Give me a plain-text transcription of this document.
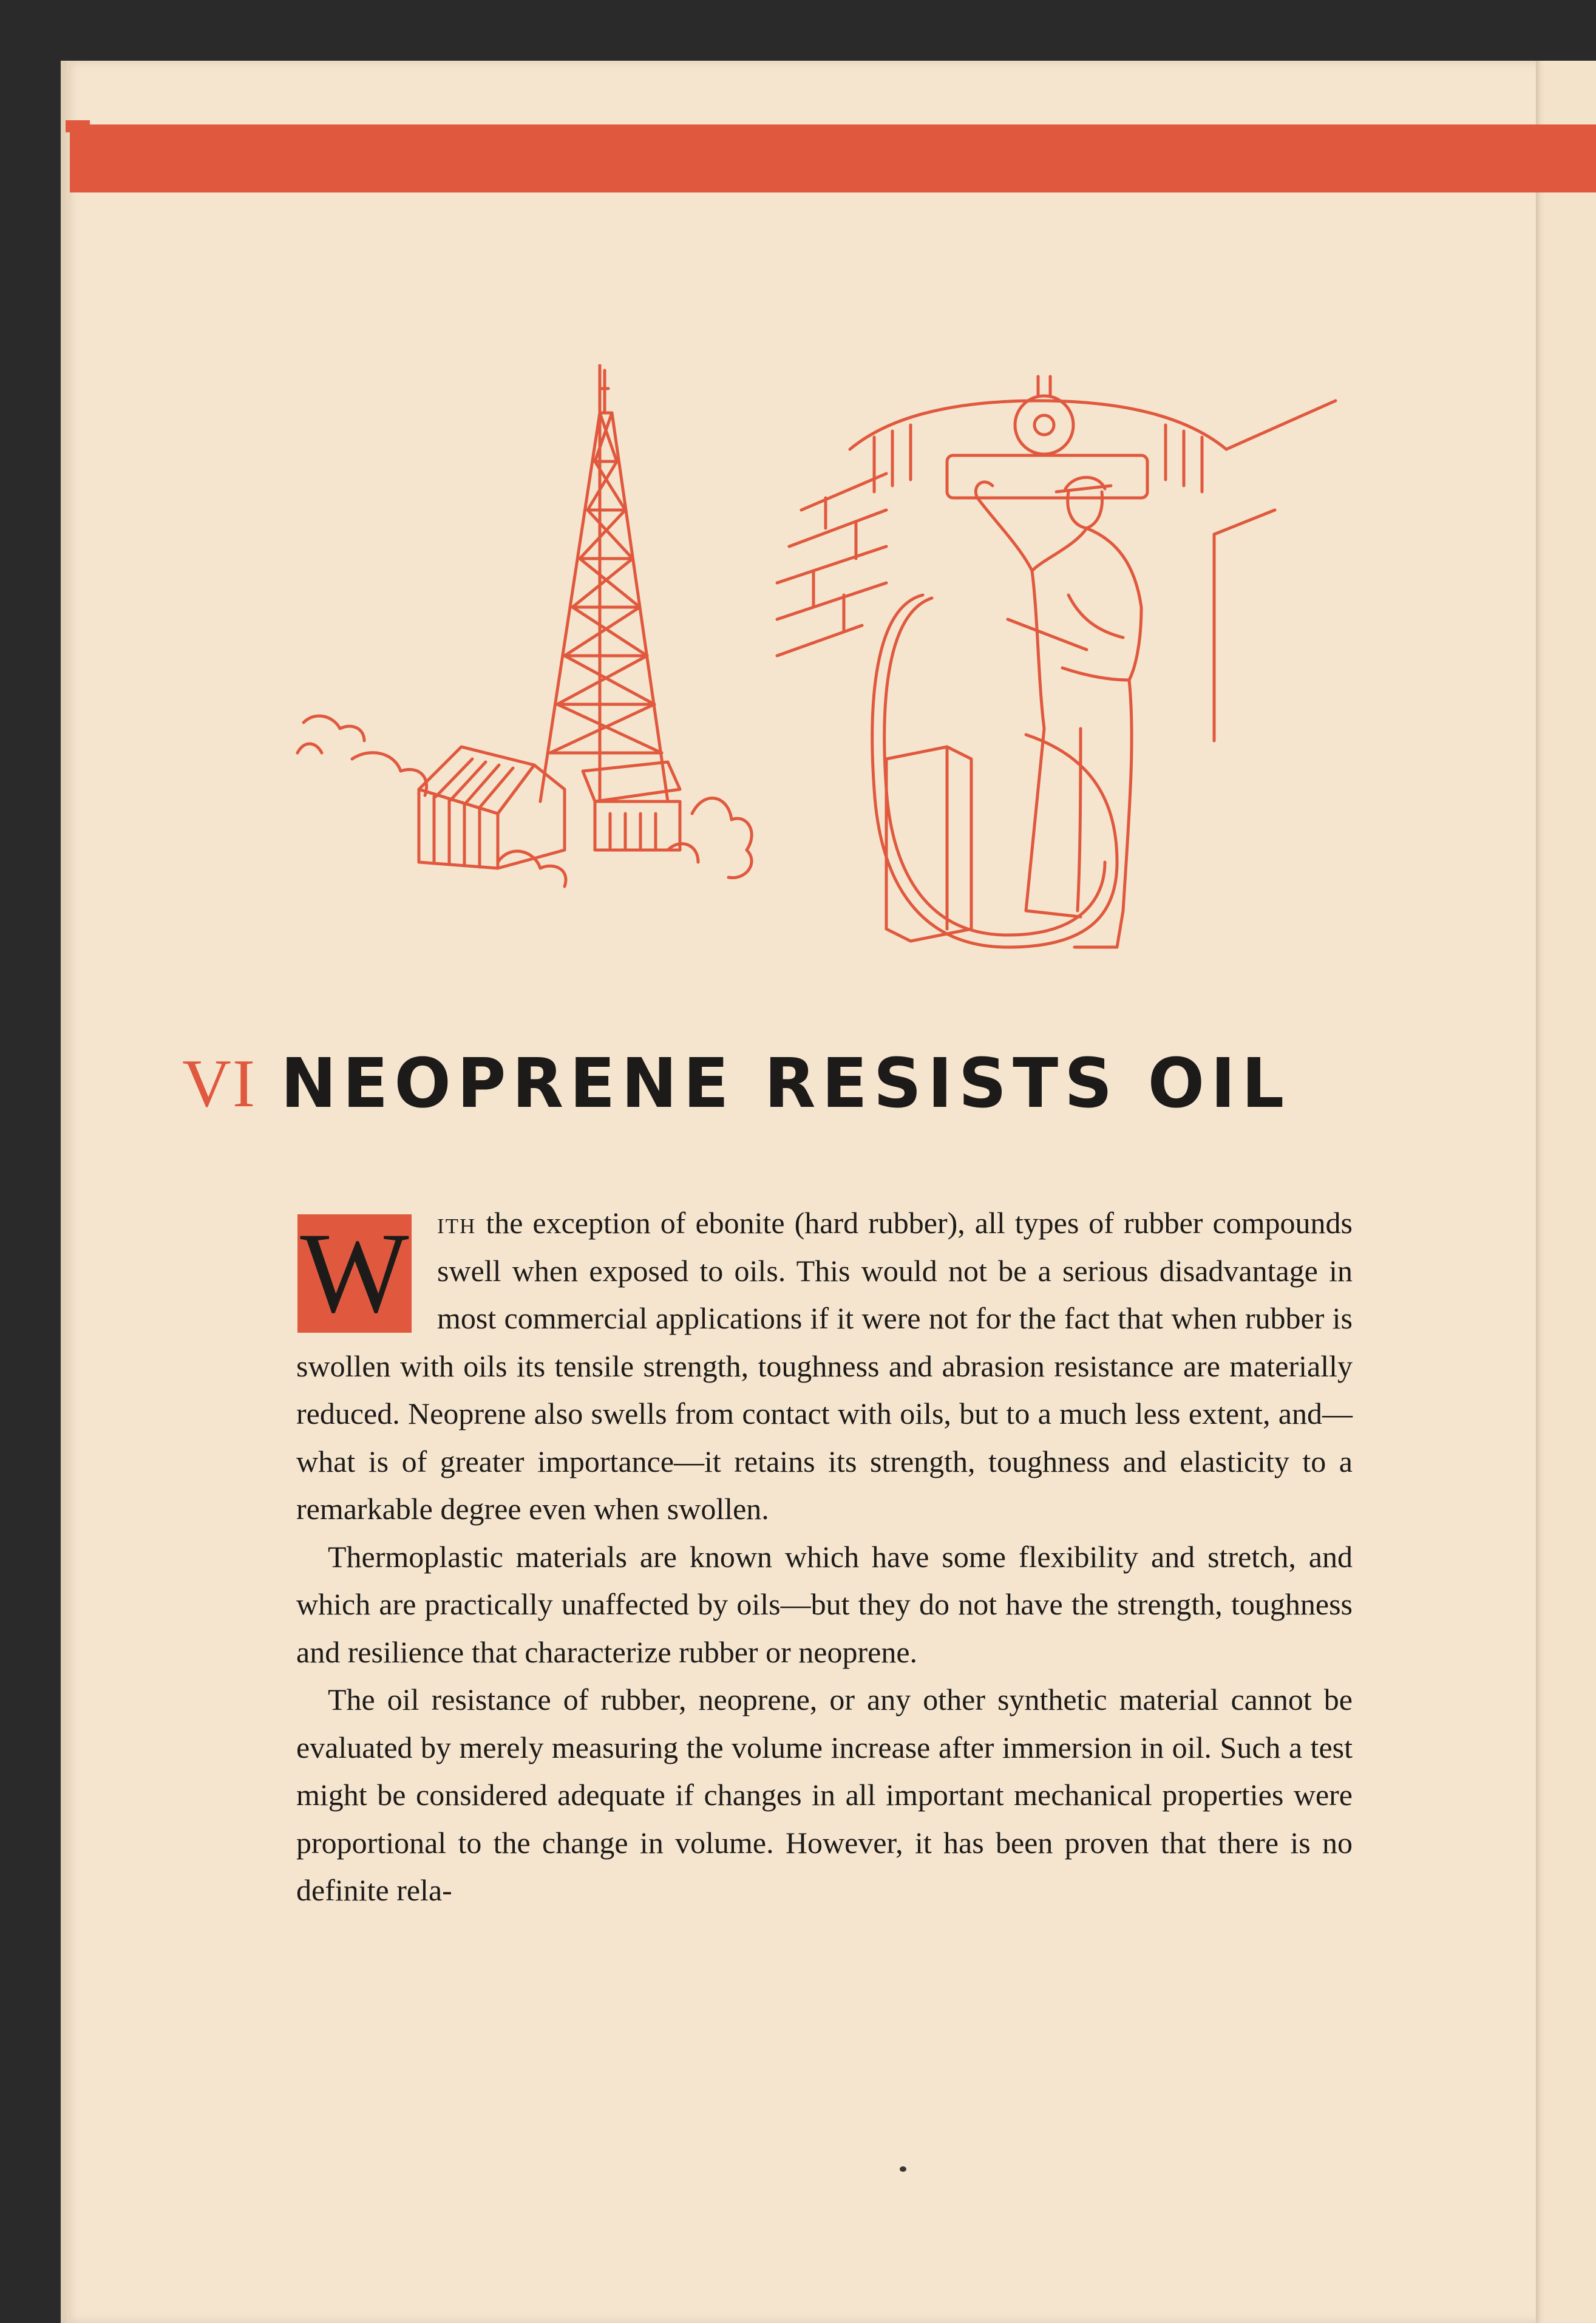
VI NEOPRENE RESISTS OIL
W ith the exception of ebonite (hard rubber), all types of rubber compounds swell when exposed to oils. This would not be a serious disadvantage in most commercial applications if it were not for the fact that when rubber is swollen with oils its tensile strength, toughness and abrasion resistance are materially reduced. Neoprene also swells from contact with oils, but to a much less extent, and—what is of greater importance—it retains its strength, toughness and elasticity to a remarkable degree even when swollen.

Thermoplastic materials are known which have some flexibility and stretch, and which are practically unaffected by oils—but they do not have the strength, toughness and resilience that characterize rubber or neoprene.

The oil resistance of rubber, neoprene, or any other synthetic material cannot be evaluated by merely measuring the volume increase after immersion in oil. Such a test might be considered adequate if changes in all important mechanical properties were proportional to the change in volume. However, it has been proven that there is no definite rela-
